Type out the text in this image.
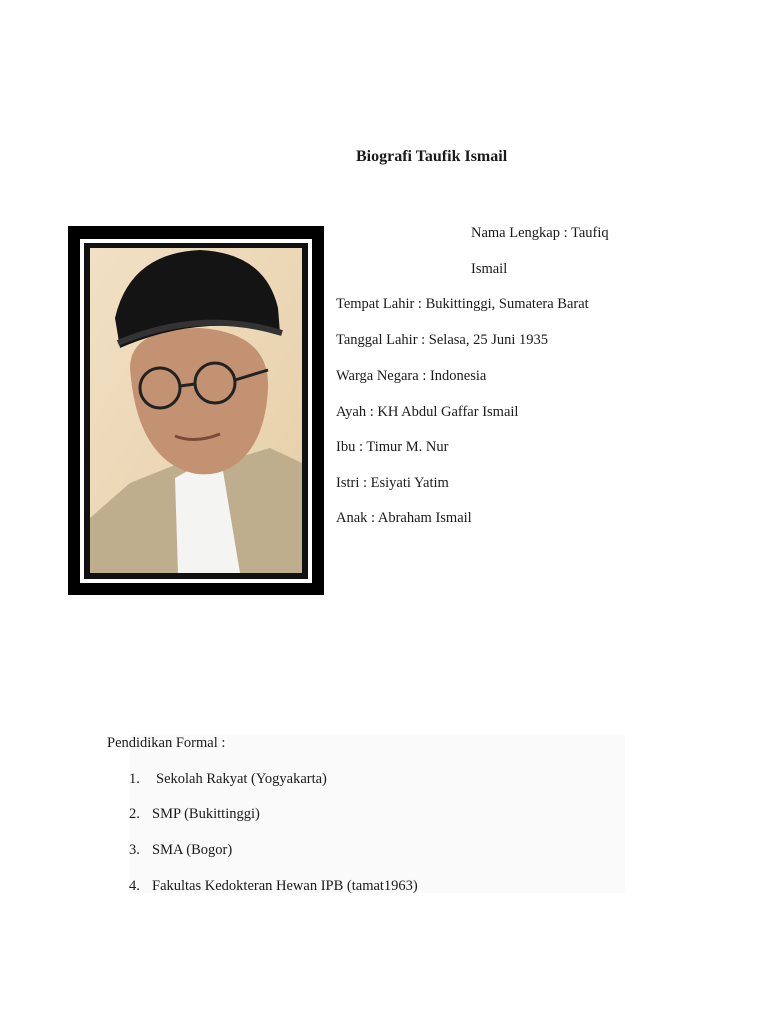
Biografi Taufik Ismail
Nama Lengkap : Taufiq
Ismail
Tempat Lahir : Bukittinggi, Sumatera Barat
Tanggal Lahir : Selasa, 25 Juni 1935
Warga Negara : Indonesia
Ayah : KH Abdul Gaffar Ismail
Ibu : Timur M. Nur
Istri : Esiyati Yatim
Anak : Abraham Ismail
Pendidikan Formal :
1. Sekolah Rakyat (Yogyakarta)
2. SMP (Bukittinggi)
3. SMA (Bogor)
4. Fakultas Kedokteran Hewan IPB (tamat1963)
